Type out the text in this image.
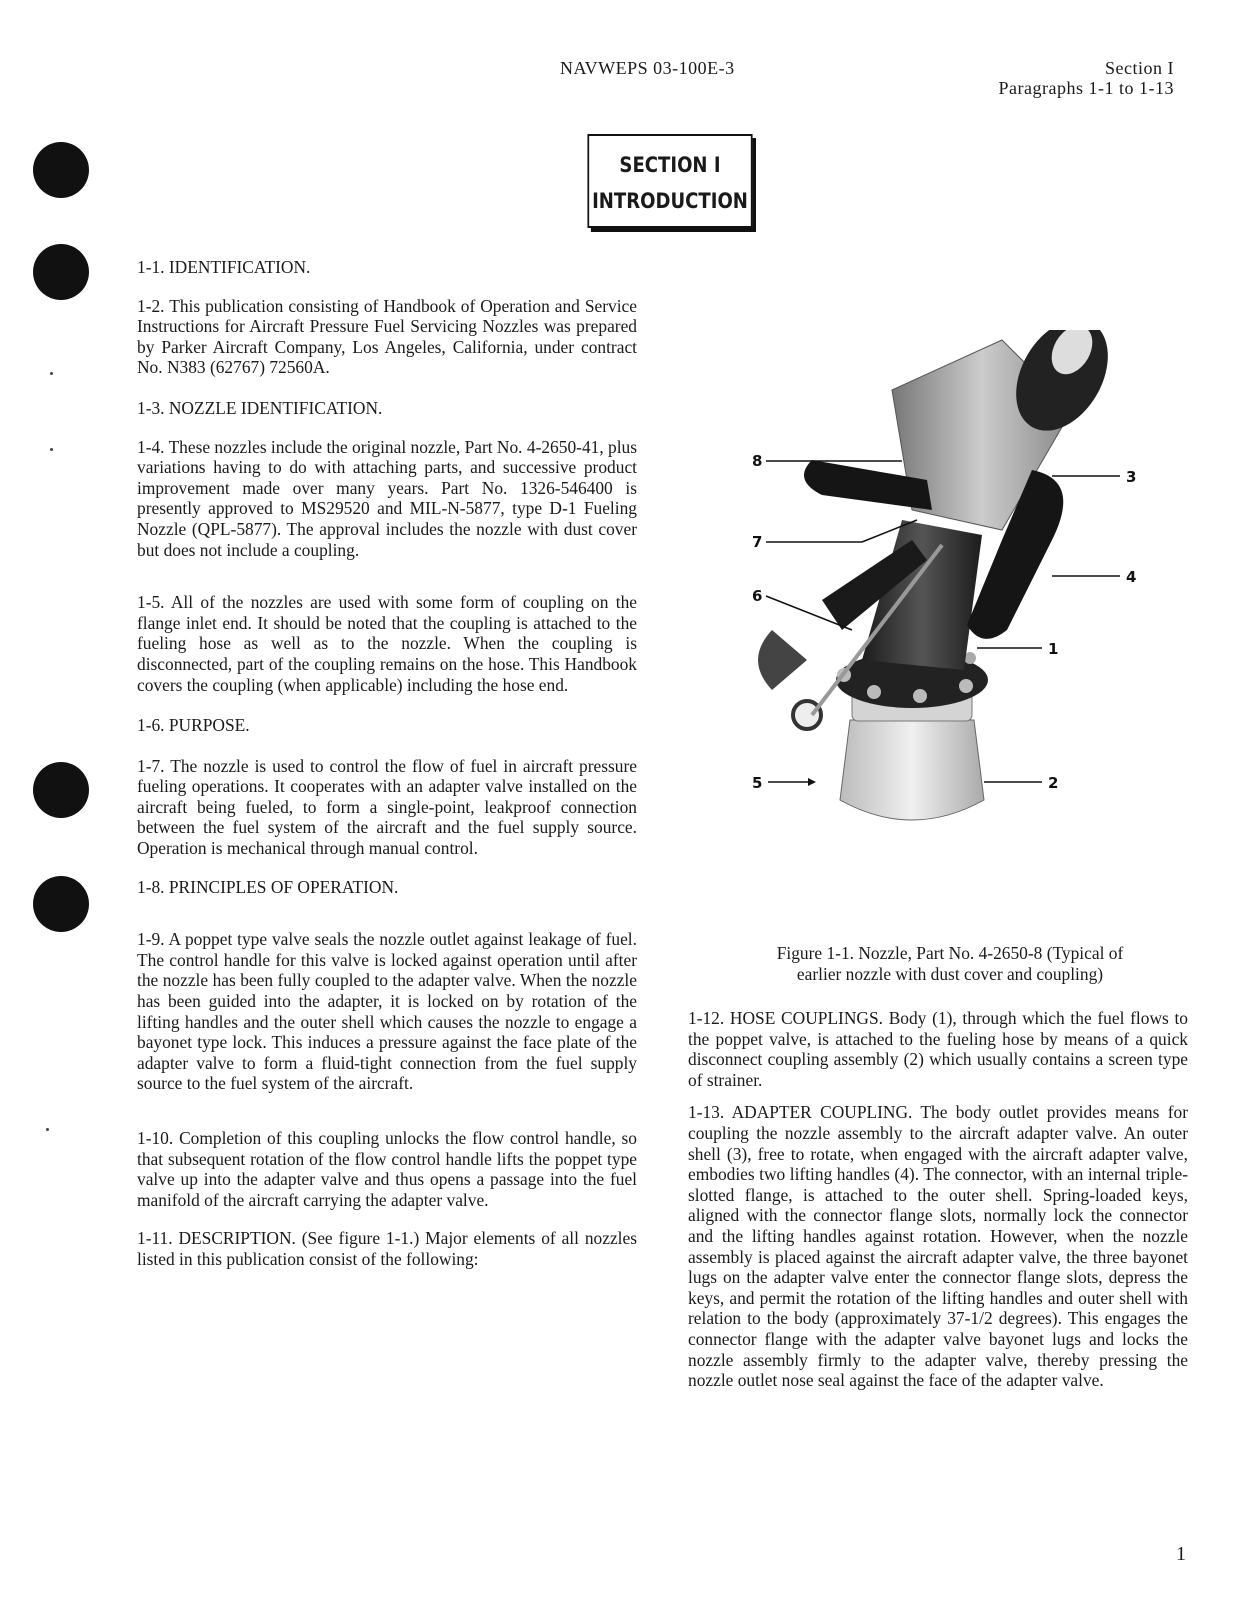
NAVWEPS 03-100E-3	Section I
Paragraphs 1-1 to 1-13
SECTION I
INTRODUCTION

1-1. IDENTIFICATION.

1-2. This publication consisting of Handbook of Operation and Service Instructions for Aircraft Pressure Fuel Servicing Nozzles was prepared by Parker Aircraft Company, Los Angeles, California, under contract No. N383 (62767) 72560A.

1-3. NOZZLE IDENTIFICATION.

1-4. These nozzles include the original nozzle, Part No. 4-2650-41, plus variations having to do with attaching parts, and successive product improvement made over many years. Part No. 1326-546400 is presently approved to MS29520 and MIL-N-5877, type D-1 Fueling Nozzle (QPL-5877). The approval includes the nozzle with dust cover but does not include a coupling.

1-5. All of the nozzles are used with some form of coupling on the flange inlet end. It should be noted that the coupling is attached to the fueling hose as well as to the nozzle. When the coupling is disconnected, part of the coupling remains on the hose. This Handbook covers the coupling (when applicable) including the hose end.

1-6. PURPOSE.

1-7. The nozzle is used to control the flow of fuel in aircraft pressure fueling operations. It cooperates with an adapter valve installed on the aircraft being fueled, to form a single-point, leakproof connection between the fuel system of the aircraft and the fuel supply source. Operation is mechanical through manual control.

1-8. PRINCIPLES OF OPERATION.

1-9. A poppet type valve seals the nozzle outlet against leakage of fuel. The control handle for this valve is locked against operation until after the nozzle has been fully coupled to the adapter valve. When the nozzle has been guided into the adapter, it is locked on by rotation of the lifting handles and the outer shell which causes the nozzle to engage a bayonet type lock. This induces a pressure against the face plate of the adapter valve to form a fluid-tight connection from the fuel supply source to the fuel system of the aircraft.

1-10. Completion of this coupling unlocks the flow control handle, so that subsequent rotation of the flow control handle lifts the poppet type valve up into the adapter valve and thus opens a passage into the fuel manifold of the aircraft carrying the adapter valve.

1-11. DESCRIPTION. (See figure 1-1.) Major elements of all nozzles listed in this publication consist of the following:

8
7
6
3
4
1
2
5
Figure 1-1. Nozzle, Part No. 4-2650-8 (Typical of
earlier nozzle with dust cover and coupling)

1-12. HOSE COUPLINGS. Body (1), through which the fuel flows to the poppet valve, is attached to the fueling hose by means of a quick disconnect coupling assembly (2) which usually contains a screen type of strainer.

1-13. ADAPTER COUPLING. The body outlet provides means for coupling the nozzle assembly to the aircraft adapter valve. An outer shell (3), free to rotate, when engaged with the aircraft adapter valve, embodies two lifting handles (4). The connector, with an internal triple-slotted flange, is attached to the outer shell. Spring-loaded keys, aligned with the connector flange slots, normally lock the connector and the lifting handles against rotation. However, when the nozzle assembly is placed against the aircraft adapter valve, the three bayonet lugs on the adapter valve enter the connector flange slots, depress the keys, and permit the rotation of the lifting handles and outer shell with relation to the body (approximately 37-1/2 degrees). This engages the connector flange with the adapter valve bayonet lugs and locks the nozzle assembly firmly to the adapter valve, thereby pressing the nozzle outlet nose seal against the face of the adapter valve.

1
